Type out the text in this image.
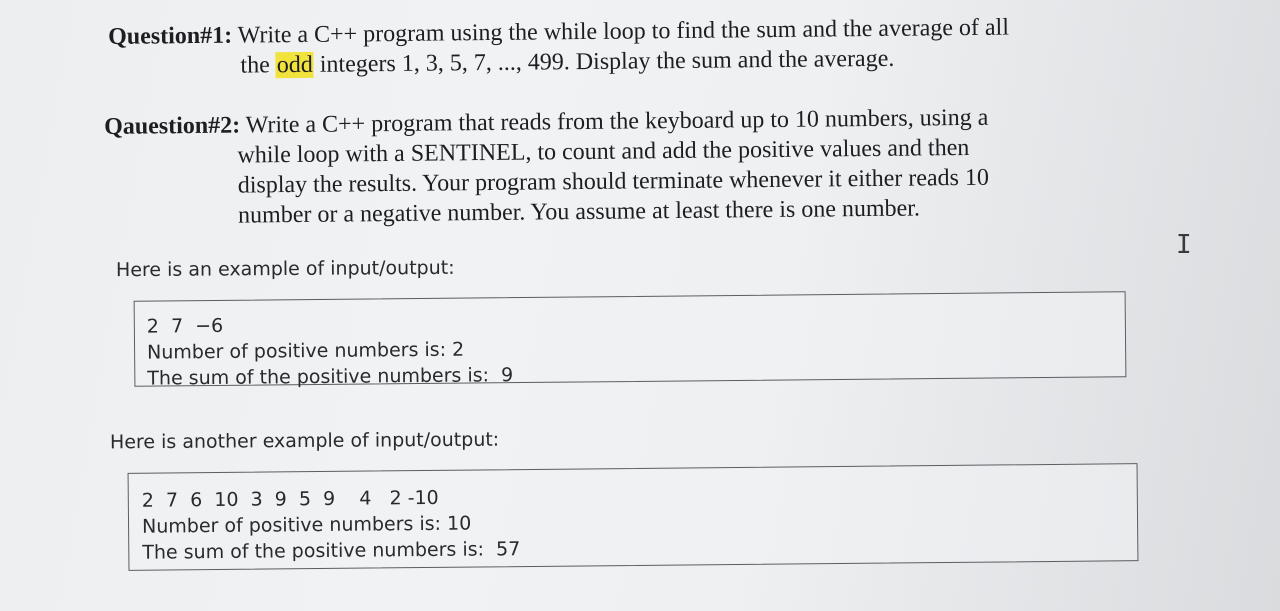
Question#1: Write a C++ program using the while loop to find the sum and the average of all
the odd integers 1, 3, 5, 7, ..., 499. Display the sum and the average.
Qauestion#2: Write a C++ program that reads from the keyboard up to 10 numbers, using a
while loop with a SENTINEL, to count and add the positive values and then
display the results. Your program should terminate whenever it either reads 10
number or a negative number. You assume at least there is one number.
Here is an example of input/output:
2  7  −6
Number of positive numbers is: 2
The sum of the positive numbers is:  9
Here is another example of input/output:
2  7  6  10  3  9  5  9    4   2 -10
Number of positive numbers is: 10
The sum of the positive numbers is:  57
I
